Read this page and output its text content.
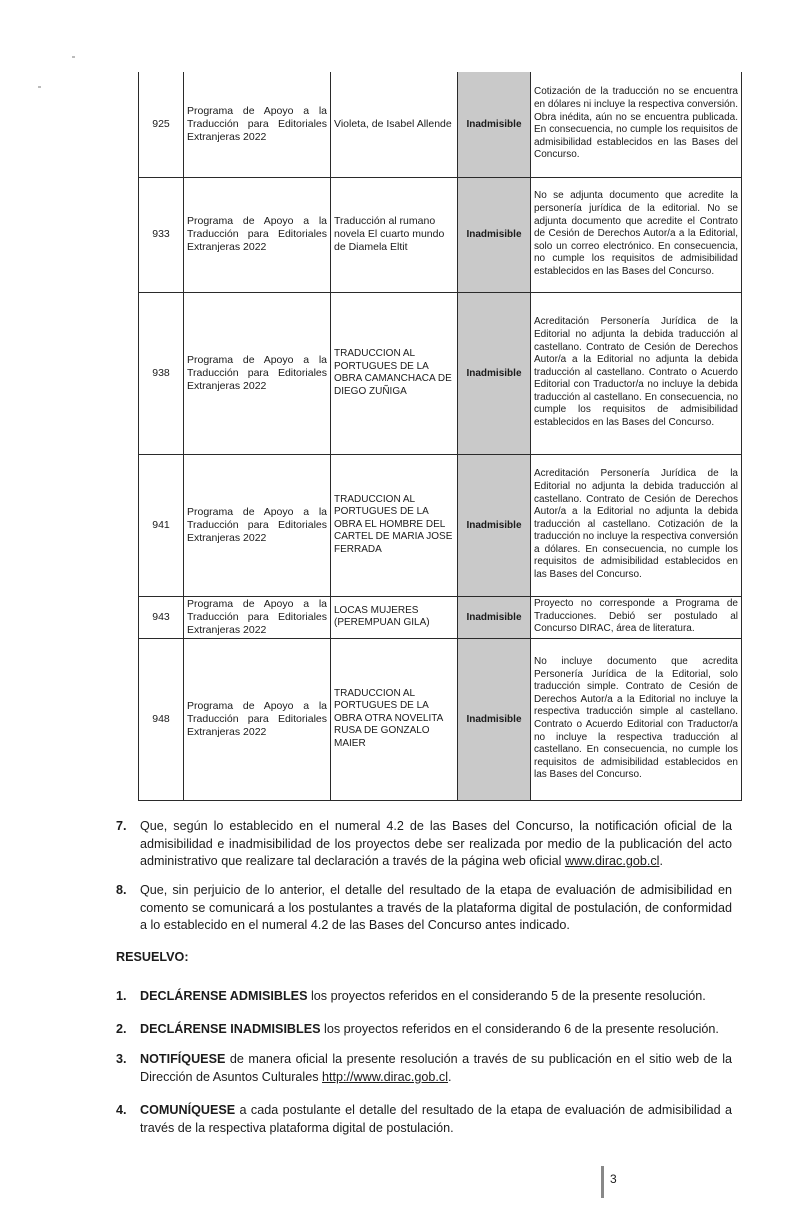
925	Programa de Apoyo a la Traducción para Editoriales Extranjeras 2022	Violeta, de Isabel Allende	Inadmisible	Cotización de la traducción no se encuentra en dólares ni incluye la respectiva conversión. Obra inédita, aún no se encuentra publicada. En consecuencia, no cumple los requisitos de admisibilidad establecidos en las Bases del Concurso.
933	Programa de Apoyo a la Traducción para Editoriales Extranjeras 2022	Traducción al rumano novela El cuarto mundo de Diamela Eltit	Inadmisible	No se adjunta documento que acredite la personería jurídica de la editorial. No se adjunta documento que acredite el Contrato de Cesión de Derechos Autor/a a la Editorial, solo un correo electrónico. En consecuencia, no cumple los requisitos de admisibilidad establecidos en las Bases del Concurso.
938	Programa de Apoyo a la Traducción para Editoriales Extranjeras 2022	TRADUCCION AL PORTUGUES DE LA OBRA CAMANCHACA DE DIEGO ZUÑIGA	Inadmisible	Acreditación Personería Jurídica de la Editorial no adjunta la debida traducción al castellano. Contrato de Cesión de Derechos Autor/a a la Editorial no adjunta la debida traducción al castellano. Contrato o Acuerdo Editorial con Traductor/a no incluye la debida traducción al castellano. En consecuencia, no cumple los requisitos de admisibilidad establecidos en las Bases del Concurso.
941	Programa de Apoyo a la Traducción para Editoriales Extranjeras 2022	TRADUCCION AL PORTUGUES DE LA OBRA EL HOMBRE DEL CARTEL DE MARIA JOSE FERRADA	Inadmisible	Acreditación Personería Jurídica de la Editorial no adjunta la debida traducción al castellano. Contrato de Cesión de Derechos Autor/a a la Editorial no adjunta la debida traducción al castellano. Cotización de la traducción no incluye la respectiva conversión a dólares. En consecuencia, no cumple los requisitos de admisibilidad establecidos en las Bases del Concurso.
943	Programa de Apoyo a la Traducción para Editoriales Extranjeras 2022	LOCAS MUJERES (PEREMPUAN GILA)	Inadmisible	Proyecto no corresponde a Programa de Traducciones. Debió ser postulado al Concurso DIRAC, área de literatura.
948	Programa de Apoyo a la Traducción para Editoriales Extranjeras 2022	TRADUCCION AL PORTUGUES DE LA OBRA OTRA NOVELITA RUSA DE GONZALO MAIER	Inadmisible	No incluye documento que acredita Personería Jurídica de la Editorial, solo traducción simple. Contrato de Cesión de Derechos Autor/a a la Editorial no incluye la respectiva traducción simple al castellano. Contrato o Acuerdo Editorial con Traductor/a no incluye la respectiva traducción al castellano. En consecuencia, no cumple los requisitos de admisibilidad establecidos en las Bases del Concurso.
7. Que, según lo establecido en el numeral 4.2 de las Bases del Concurso, la notificación oficial de la admisibilidad e inadmisibilidad de los proyectos debe ser realizada por medio de la publicación del acto administrativo que realizare tal declaración a través de la página web oficial www.dirac.gob.cl.
8. Que, sin perjuicio de lo anterior, el detalle del resultado de la etapa de evaluación de admisibilidad en comento se comunicará a los postulantes a través de la plataforma digital de postulación, de conformidad a lo establecido en el numeral 4.2 de las Bases del Concurso antes indicado.
RESUELVO:
1. DECLÁRENSE ADMISIBLES los proyectos referidos en el considerando 5 de la presente resolución.
2. DECLÁRENSE INADMISIBLES los proyectos referidos en el considerando 6 de la presente resolución.
3. NOTIFÍQUESE de manera oficial la presente resolución a través de su publicación en el sitio web de la Dirección de Asuntos Culturales http://www.dirac.gob.cl.
4. COMUNÍQUESE a cada postulante el detalle del resultado de la etapa de evaluación de admisibilidad a través de la respectiva plataforma digital de postulación.
3
